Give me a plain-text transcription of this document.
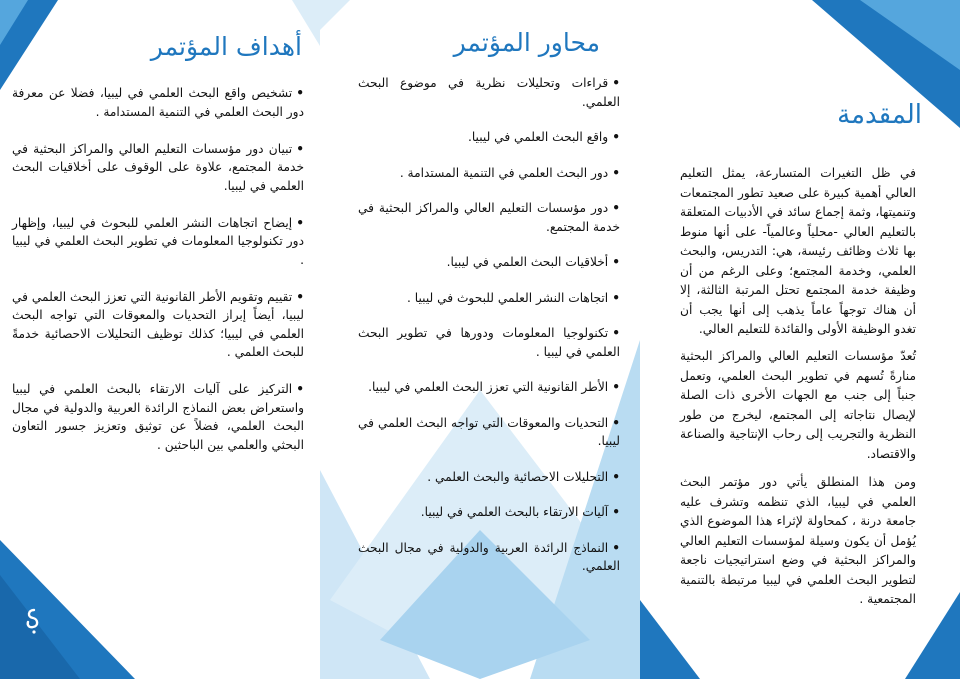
المقدمة

في ظل التغيرات المتسارعة، يمثل التعليم العالي أهمية كبيرة على صعيد تطور المجتمعات وتنميتها، وثمة إجماع سائد في الأدبيات المتعلقة بالتعليم العالي -محلياً وعالمياً- على أنها منوط بها ثلاث وظائف رئيسة، هي: التدريس، والبحث العلمي، وخدمة المجتمع؛ وعلى الرغم من أن وظيفة خدمة المجتمع تحتل المرتبة الثالثة، إلا أن هناك توجهاً عاماً يذهب إلى أنها يجب أن تغدو الوظيفة الأولى والقائدة للتعليم العالي.

تُعدّ مؤسسات التعليم العالي والمراكز البحثية منارةً تُسهم في تطوير البحث العلمي، وتعمل جنباً إلى جنب مع الجهات الأخرى ذات الصلة لإيصال نتاجاته إلى المجتمع، ليخرج من طور النظرية والتجريب إلى رحاب الإنتاجية والصناعة والاقتصاد.

ومن هذا المنطلق يأتي دور مؤتمر البحث العلمي في ليبيا، الذي تنظمه وتشرف عليه جامعة درنة ، كمحاولة لإثراء هذا الموضوع الذي يُؤمل أن يكون وسيلة لمؤسسات التعليم العالي والمراكز البحثية في وضع استراتيجيات ناجعة لتطوير البحث العلمي في ليبيا مرتبطة بالتنمية المجتمعية .

محاور المؤتمر
•قراءات وتحليلات نظرية في موضوع البحث العلمي.
•واقع البحث العلمي في ليبيا.
•دور البحث العلمي في التنمية المستدامة .
•دور مؤسسات التعليم العالي والمراكز البحثية في خدمة المجتمع.
•أخلاقيات البحث العلمي في ليبيا.
•اتجاهات النشر العلمي للبحوث في ليبيا .
•تكنولوجيا المعلومات ودورها في تطوير البحث العلمي في ليبيا .
•الأطر القانونية التي تعزز البحث العلمي في ليبيا.
•التحديات والمعوقات التي تواجه البحث العلمي في ليبيا.
•التحليلات الاحصائية والبحث العلمي .
•آليات الارتقاء بالبحث العلمي في ليبيا.
•النماذج الرائدة العربية والدولية في مجال البحث العلمي.
أهداف المؤتمر
•تشخيص واقع البحث العلمي في ليبيا، فضلا عن معرفة دور البحث العلمي في التنمية المستدامة .
•تبيان دور مؤسسات التعليم العالي والمراكز البحثية في خدمة المجتمع، علاوة على الوقوف على أخلاقيات البحث العلمي في ليبيا.
•إيضاح اتجاهات النشر العلمي للبحوث في ليبيا، وإظهار دور تكنولوجيا المعلومات في تطوير البحث العلمي في ليبيا .
•تقييم وتقويم الأطر القانونية التي تعزز البحث العلمي في ليبيا، أيضاً إبراز التحديات والمعوقات التي تواجه البحث العلمي في ليبيا؛ كذلك توظيف التحليلات الاحصائية خدمةً للبحث العلمي .
•التركيز على آليات الارتقاء بالبحث العلمي في ليبيا واستعراض بعض النماذج الرائدة العربية والدولية في مجال البحث العلمي، فضلاً عن توثيق وتعزيز جسور التعاون البحثي والعلمي بين الباحثين .
